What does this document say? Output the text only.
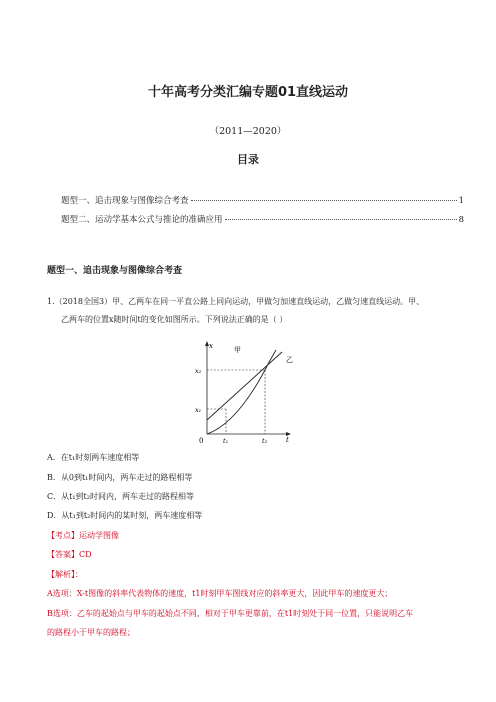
十年高考分类汇编专题01直线运动
（2011—2020）
目录
题型一、追击现象与图像综合考查	1
题型二、运动学基本公式与推论的准确应用	8
题型一、追击现象与图像综合考查
1.（2018全国3）甲、乙两车在同一平直公路上同向运动，甲做匀加速直线运动，乙做匀速直线运动。甲、
乙两车的位置x随时间t的变化如图所示。下列说法正确的是（ ）
x
t
0
甲
乙
x₁
x₂
t₁	t₂
A．在t₁时刻两车速度相等
B．从0到t₁时间内，两车走过的路程相等
C．从t₁到t₂时间内，两车走过的路程相等
D．从t₁到t₂时间内的某时刻，两车速度相等
【考点】运动学图像
【答案】CD
【解析】：
A选项：X-t图像的斜率代表物体的速度，t1时刻甲车图线对应的斜率更大，因此甲车的速度更大；
B选项：乙车的起始点与甲车的起始点不同，相对于甲车更靠前，在t1时刻处于同一位置，只能说明乙车
的路程小于甲车的路程；
